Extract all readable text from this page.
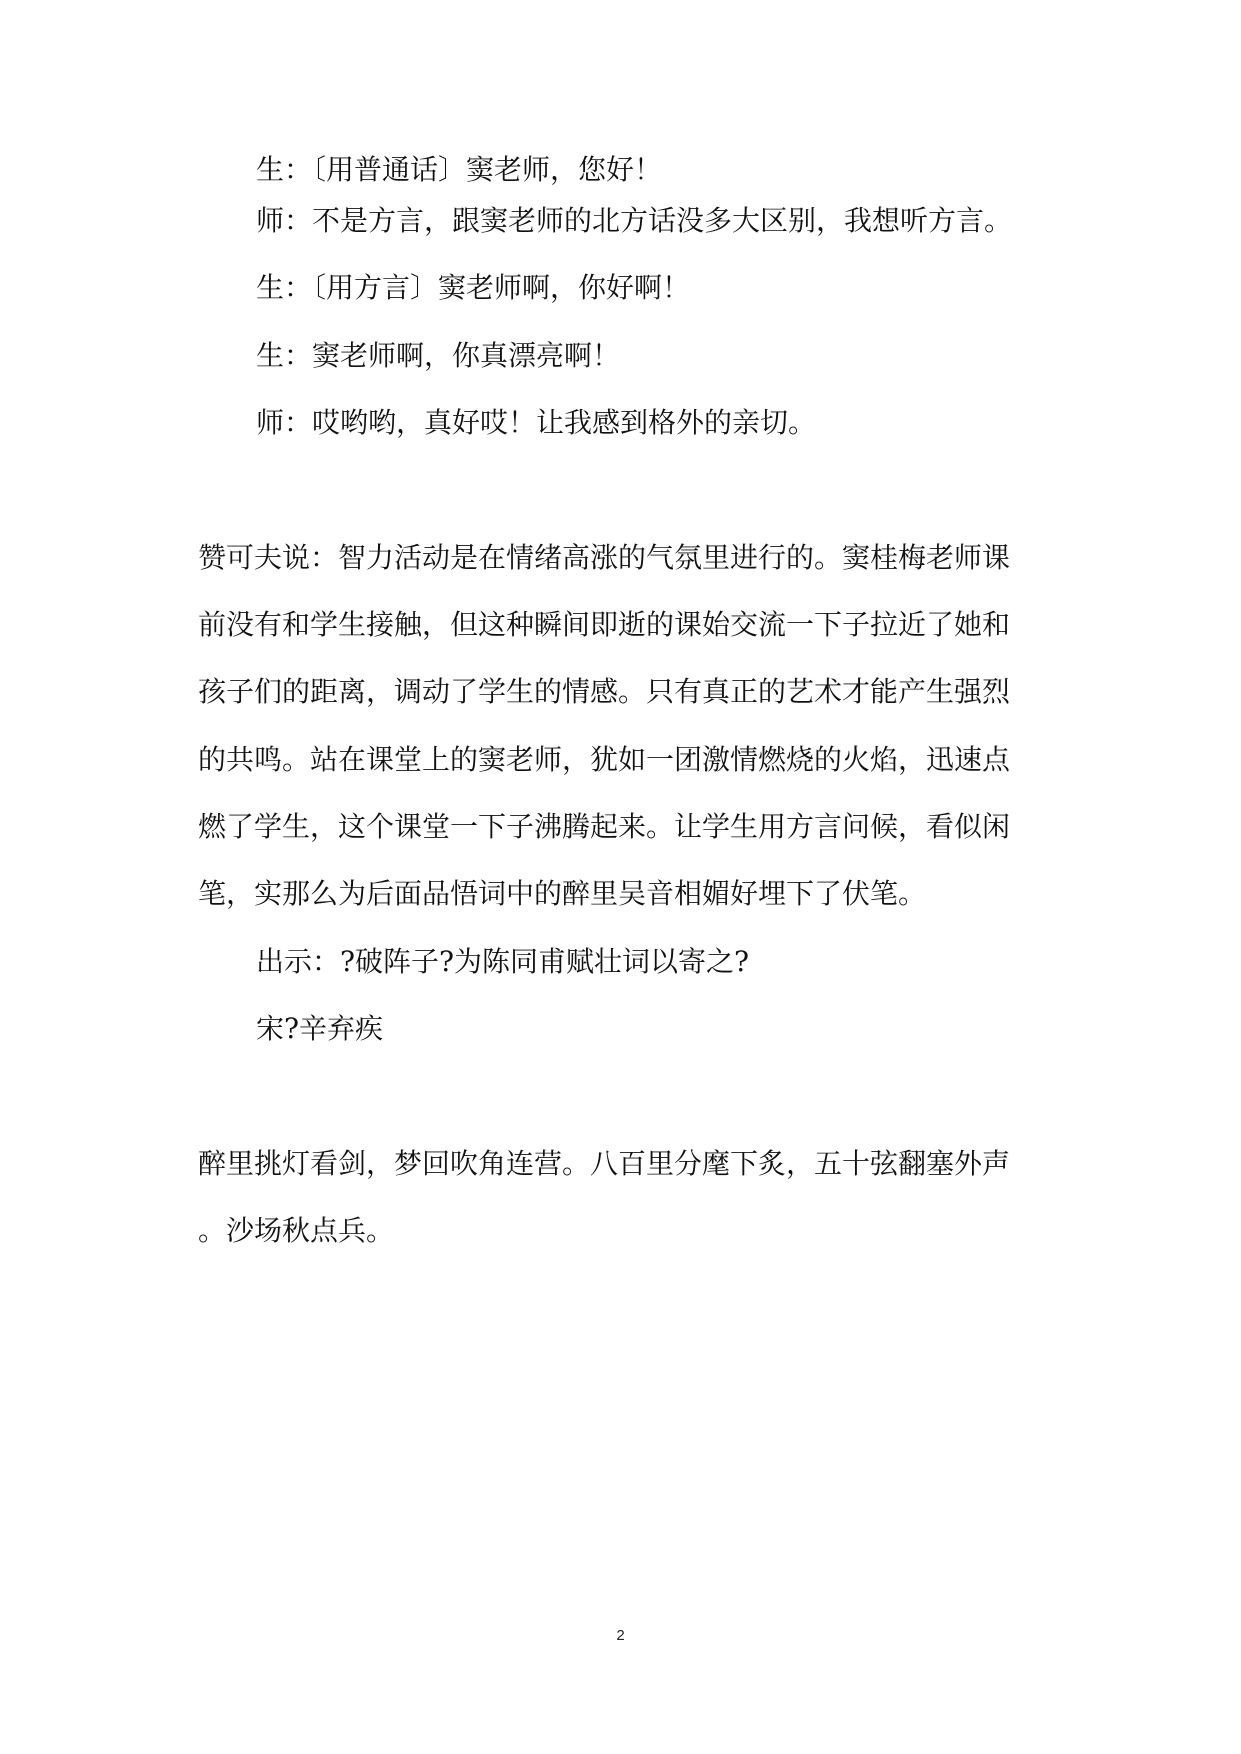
生：〔用普通话〕窦老师，您好！

师：不是方言，跟窦老师的北方话没多大区别，我想听方言。

生：〔用方言〕窦老师啊，你好啊！

生：窦老师啊，你真漂亮啊！

师：哎哟哟，真好哎！让我感到格外的亲切。

赞可夫说：智力活动是在情绪高涨的气氛里进行的。窦桂梅老师课

前没有和学生接触，但这种瞬间即逝的课始交流一下子拉近了她和

孩子们的距离，调动了学生的情感。只有真正的艺术才能产生强烈

的共鸣。站在课堂上的窦老师，犹如一团激情燃烧的火焰，迅速点

燃了学生，这个课堂一下子沸腾起来。让学生用方言问候，看似闲

笔，实那么为后面品悟词中的醉里吴音相媚好埋下了伏笔。

出示：?破阵子?为陈同甫赋壮词以寄之?

宋?辛弃疾

醉里挑灯看剑，梦回吹角连营。八百里分麾下炙，五十弦翻塞外声

。沙场秋点兵。

2
